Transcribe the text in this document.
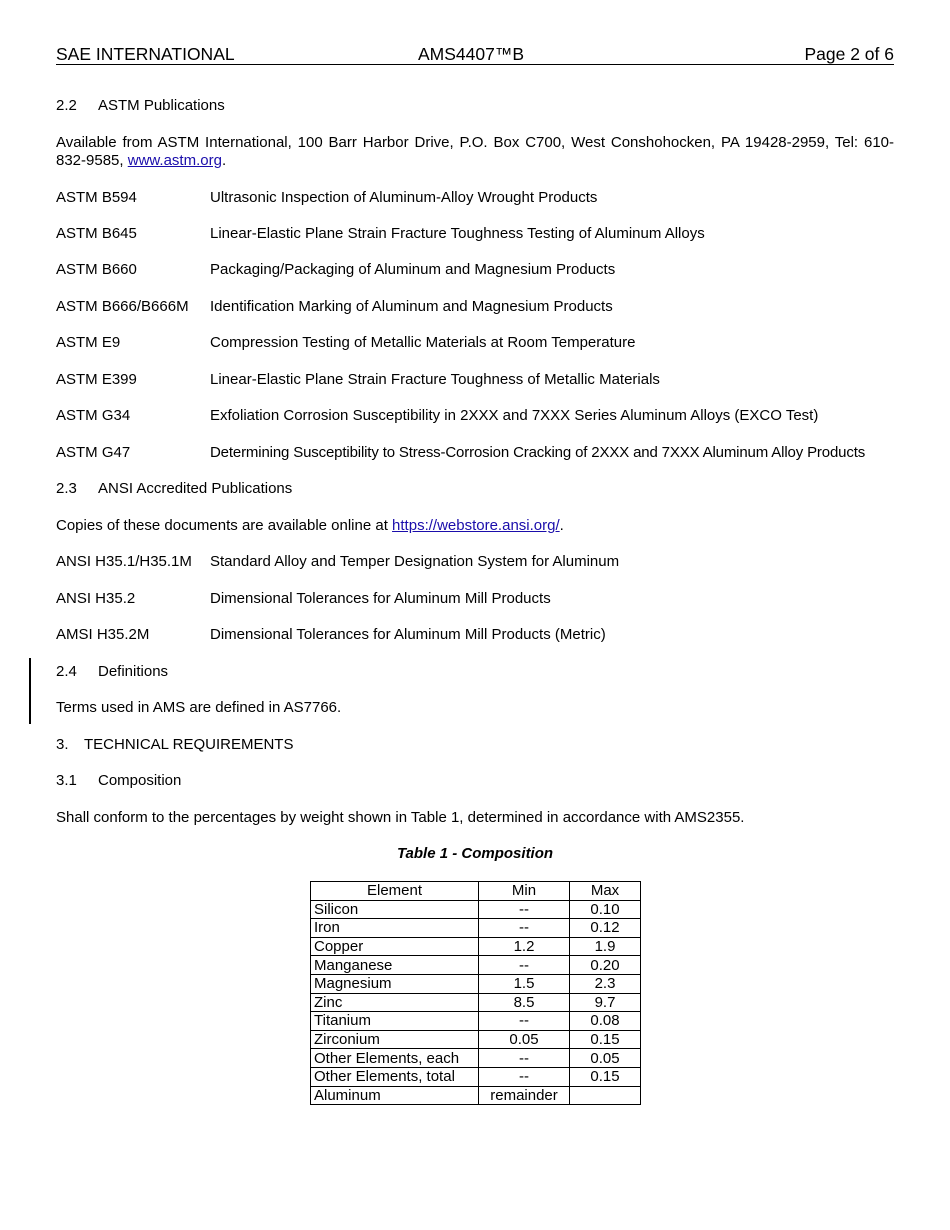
SAE INTERNATIONAL	AMS4407™B	Page 2 of 6
2.2 ASTM Publications
Available from ASTM International, 100 Barr Harbor Drive, P.O. Box C700, West Conshohocken, PA 19428-2959, Tel: 610-832-9585, www.astm.org.
ASTM B594	Ultrasonic Inspection of Aluminum-Alloy Wrought Products
ASTM B645	Linear-Elastic Plane Strain Fracture Toughness Testing of Aluminum Alloys
ASTM B660	Packaging/Packaging of Aluminum and Magnesium Products
ASTM B666/B666M Identification Marking of Aluminum and Magnesium Products
ASTM E9	Compression Testing of Metallic Materials at Room Temperature
ASTM E399	Linear-Elastic Plane Strain Fracture Toughness of Metallic Materials
ASTM G34	Exfoliation Corrosion Susceptibility in 2XXX and 7XXX Series Aluminum Alloys (EXCO Test)
ASTM G47	Determining Susceptibility to Stress-Corrosion Cracking of 2XXX and 7XXX Aluminum Alloy Products
2.3 ANSI Accredited Publications
Copies of these documents are available online at https://webstore.ansi.org/.
ANSI H35.1/H35.1M Standard Alloy and Temper Designation System for Aluminum
ANSI H35.2	Dimensional Tolerances for Aluminum Mill Products
AMSI H35.2M	Dimensional Tolerances for Aluminum Mill Products (Metric)
2.4 Definitions
Terms used in AMS are defined in AS7766.
3. TECHNICAL REQUIREMENTS
3.1 Composition
Shall conform to the percentages by weight shown in Table 1, determined in accordance with AMS2355.
Table 1 - Composition
Element	Min	Max
Silicon	--	0.10
Iron	--	0.12
Copper	1.2	1.9
Manganese	--	0.20
Magnesium	1.5	2.3
Zinc	8.5	9.7
Titanium	--	0.08
Zirconium	0.05	0.15
Other Elements, each	--	0.05
Other Elements, total	--	0.15
Aluminum	remainder	
